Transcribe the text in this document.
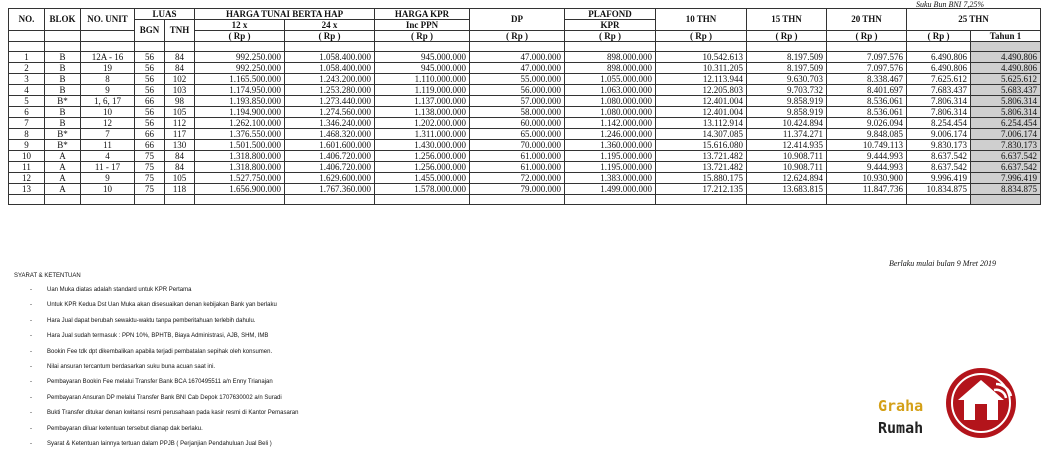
Suku Bun BNI 7,25%
NO.	BLOK	NO. UNIT	LUAS		HARGA TUNAI BERTA HAP		HARGA KPR	DP	PLAFOND	10 THN	15 THN	20 THN	25 THN	
			BGN	TNH	12 x	24 x	Inc PPN		KPR					
					( Rp )	( Rp )	( Rp )	( Rp )	( Rp )	( Rp )	( Rp )	( Rp )	( Rp )	Tahun 1

1	B	12A - 16	56	84	992.250.000	1.058.400.000	945.000.000	47.000.000	898.000.000	10.542.613	8.197.509	7.097.576	6.490.806	4.490.806
2	B	19	56	84	992.250.000	1.058.400.000	945.000.000	47.000.000	898.000.000	10.311.205	8.197.509	7.097.576	6.490.806	4.490.806
3	B	8	56	102	1.165.500.000	1.243.200.000	1.110.000.000	55.000.000	1.055.000.000	12.113.944	9.630.703	8.338.467	7.625.612	5.625.612
4	B	9	56	103	1.174.950.000	1.253.280.000	1.119.000.000	56.000.000	1.063.000.000	12.205.803	9.703.732	8.401.697	7.683.437	5.683.437
5	B*	1, 6, 17	66	98	1.193.850.000	1.273.440.000	1.137.000.000	57.000.000	1.080.000.000	12.401.004	9.858.919	8.536.061	7.806.314	5.806.314
6	B	10	56	105	1.194.900.000	1.274.560.000	1.138.000.000	58.000.000	1.080.000.000	12.401.004	9.858.919	8.536.061	7.806.314	5.806.314
7	B	12	56	112	1.262.100.000	1.346.240.000	1.202.000.000	60.000.000	1.142.000.000	13.112.914	10.424.894	9.026.094	8.254.454	6.254.454
8	B*	7	66	117	1.376.550.000	1.468.320.000	1.311.000.000	65.000.000	1.246.000.000	14.307.085	11.374.271	9.848.085	9.006.174	7.006.174
9	B*	11	66	130	1.501.500.000	1.601.600.000	1.430.000.000	70.000.000	1.360.000.000	15.616.080	12.414.935	10.749.113	9.830.173	7.830.173
10	A	4	75	84	1.318.800.000	1.406.720.000	1.256.000.000	61.000.000	1.195.000.000	13.721.482	10.908.711	9.444.993	8.637.542	6.637.542
11	A	11 - 17	75	84	1.318.800.000	1.406.720.000	1.256.000.000	61.000.000	1.195.000.000	13.721.482	10.908.711	9.444.993	8.637.542	6.637.542
12	A	9	75	105	1.527.750.000	1.629.600.000	1.455.000.000	72.000.000	1.383.000.000	15.880.175	12.624.894	10.930.900	9.996.419	7.996.419
13	A	10	75	118	1.656.900.000	1.767.360.000	1.578.000.000	79.000.000	1.499.000.000	17.212.135	13.683.815	11.847.736	10.834.875	8.834.875

Berlaku mulai bulan 9 Mret 2019
SYARAT & KETENTUAN
-	Uan Muka diatas adalah standard untuk KPR Pertama
-	Untuk KPR Kedua Dst Uan Muka akan disesuaikan denan kebijakan Bank yan berlaku
-	Hara Jual dapat berubah sewaktu-waktu tanpa pemberitahuan terlebih dahulu.
-	Hara Jual sudah termasuk : PPN 10%, BPHTB, Biaya Administrasi, AJB, SHM, IMB
-	Bookin Fee tdk dpt dikembalikan apabila terjadi pembatalan sepihak oleh konsumen.
-	Nilai ansuran tercantum berdasarkan suku buna acuan saat ini.
-	Pembayaran Bookin Fee melalui Transfer Bank BCA 1670495511 a/n Enny Trianajan
-	Pembayaran Ansuran DP melalui Transfer Bank BNI Cab Depok 1707630002 a/n Suradi
-	Bukti Transfer ditukar denan kwitansi resmi perusahaan pada kasir resmi di Kantor Pemasaran
-	Pembayaran diluar ketentuan tersebut dianap dak berlaku.
-	Syarat & Ketentuan lainnya tertuan dalam PPJB ( Perjanjian Pendahuluan Jual Beli )
Graha
Rumah
